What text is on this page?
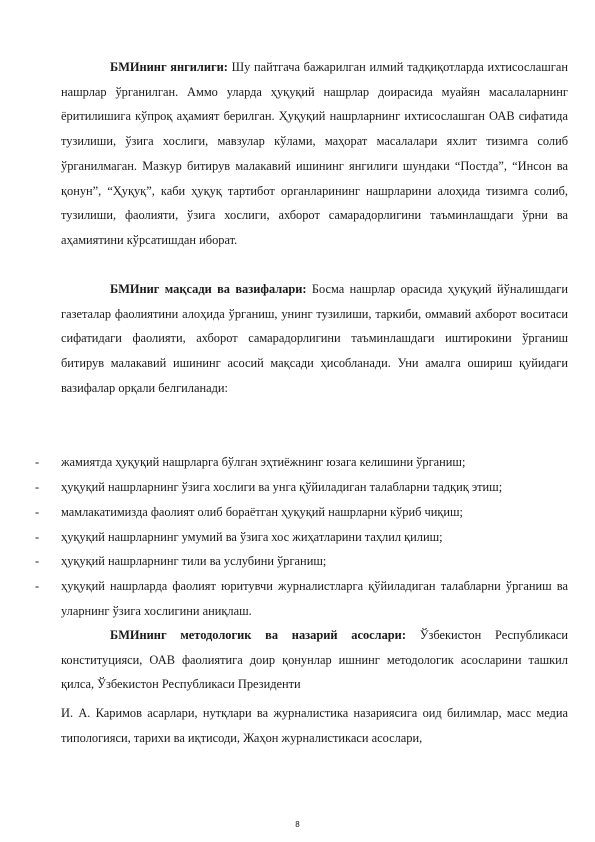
БМИнинг янгилиги: Шу пайтгача бажарилган илмий тадқиқотларда ихтисослашган нашрлар ўрганилган. Аммо уларда ҳуқуқий нашрлар доирасида муайян масалаларнинг ёритилишига кўпроқ аҳамият берилган. Ҳуқуқий нашрларнинг ихтисослашган ОАВ сифатида тузилиши, ўзига хослиги, мавзулар кўлами, маҳорат масалалари яхлит тизимга солиб ўрганилмаган. Мазкур битирув малакавий ишининг янгилиги шундаки “Постда”, “Инсон ва қонун”, “Ҳуқуқ”, каби ҳуқуқ тартибот органларининг нашрларини алоҳида тизимга солиб, тузилиши, фаолияти, ўзига хослиги, ахборот самарадорлигини таъминлашдаги ўрни ва аҳамиятини кўрсатишдан иборат.

БМИниг мақсади ва вазифалари: Босма нашрлар орасида ҳуқуқий йўналишдаги газеталар фаолиятини алоҳида ўрганиш, унинг тузилиши, таркиби, оммавий ахборот воситаси сифатидаги фаолияти, ахборот самарадорлигини таъминлашдаги иштирокини ўрганиш битирув малакавий ишининг асосий мақсади ҳисобланади. Уни амалга ошириш қуйидаги вазифалар орқали белгиланади:

- жамиятда ҳуқуқий нашрларга бўлган эҳтиёжнинг юзага келишини ўрганиш;
- ҳуқуқий нашрларнинг ўзига хослиги ва унга қўйиладиган талабларни тадқиқ этиш;
- мамлакатимизда фаолият олиб бораётган ҳуқуқий нашрларни кўриб чиқиш;
- ҳуқуқий нашрларнинг умумий ва ўзига хос жиҳатларини таҳлил қилиш;
- ҳуқуқий нашрларнинг тили ва услубини ўрганиш;
- ҳуқуқий нашрларда фаолият юритувчи журналистларга қўйиладиган талабларни ўрганиш ва уларнинг ўзига хослигини аниқлаш.

БМИнинг методологик ва назарий асослари: Ўзбекистон Республикаси конституцияси, ОАВ фаолиятига доир қонунлар ишнинг методологик асосларини ташкил қилса, Ўзбекистон Республикаси Президенти

И. А. Каримов асарлари, нутқлари ва журналистика назариясига оид билимлар, масс медиа типологияси, тарихи ва иқтисоди, Жаҳон журналистикаси асослари,

8
